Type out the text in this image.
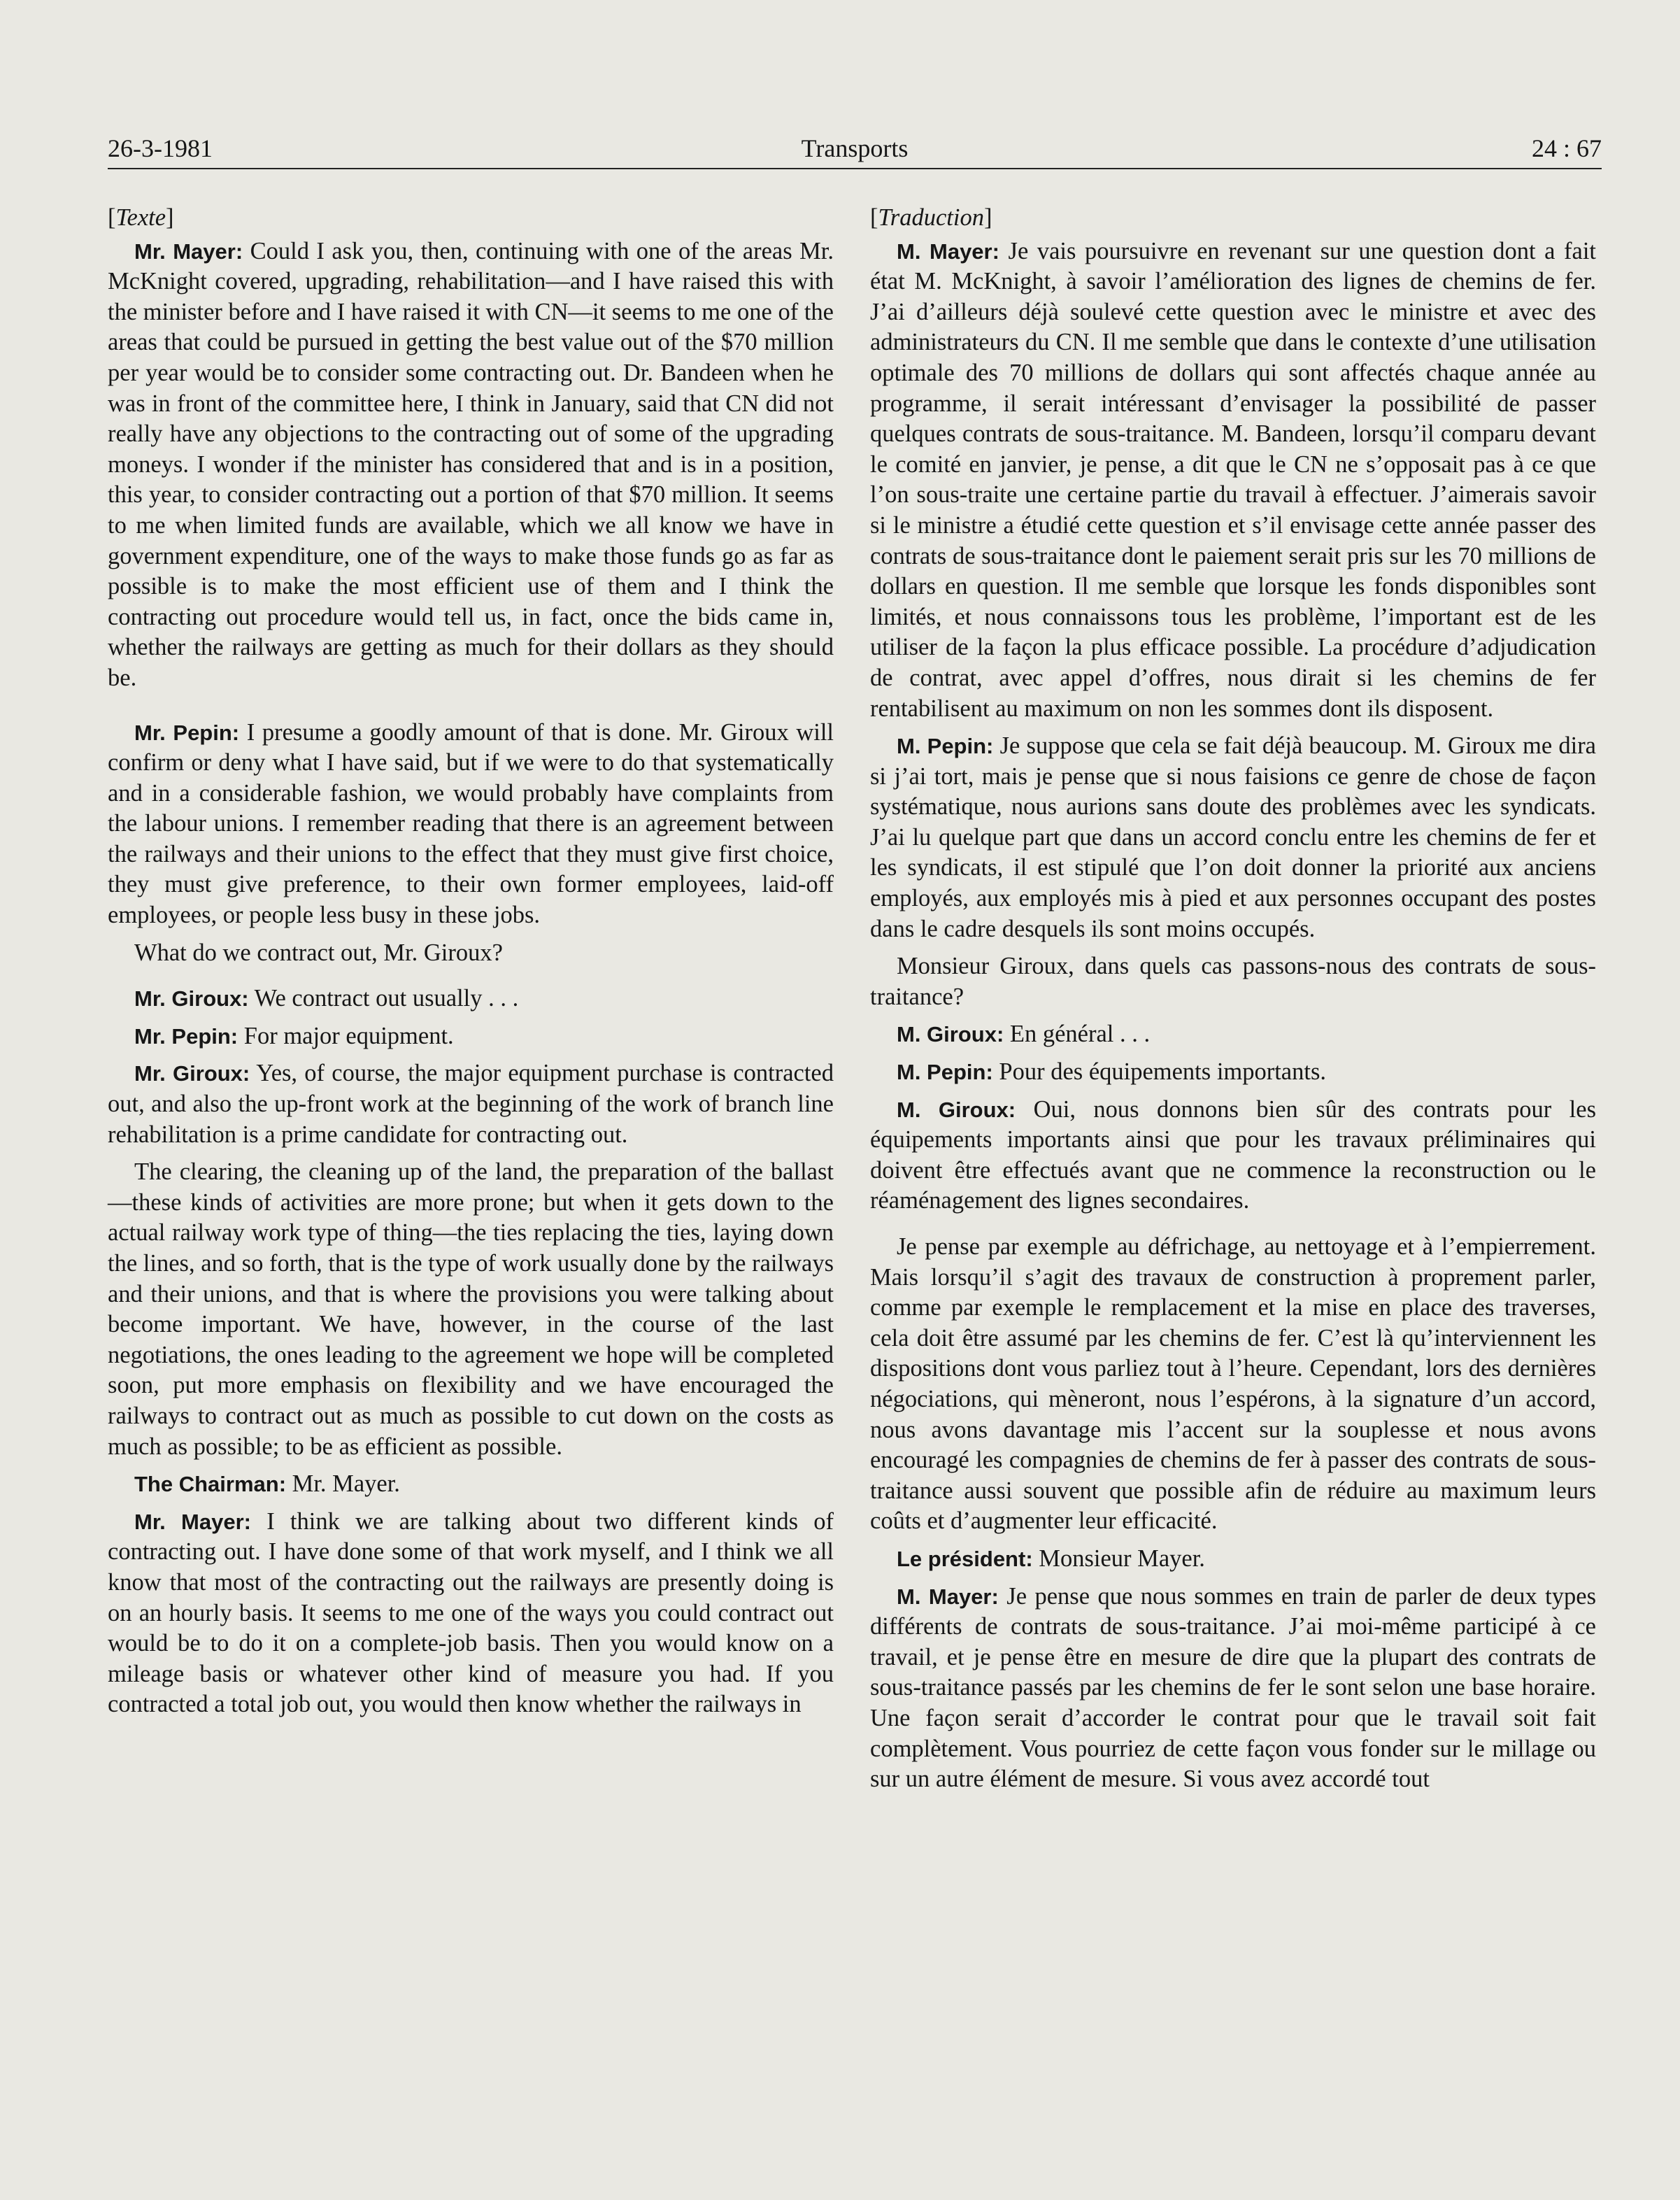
26-3-1981	Transports	24 : 67

[Texte]

Mr. Mayer: Could I ask you, then, continuing with one of the areas Mr. McKnight covered, upgrading, rehabilitation—and I have raised this with the minister before and I have raised it with CN—it seems to me one of the areas that could be pursued in getting the best value out of the $70 million per year would be to consider some contracting out. Dr. Bandeen when he was in front of the committee here, I think in January, said that CN did not really have any objections to the contracting out of some of the upgrading moneys. I wonder if the minister has considered that and is in a position, this year, to consider contracting out a portion of that $70 million. It seems to me when limited funds are available, which we all know we have in government expenditure, one of the ways to make those funds go as far as possible is to make the most efficient use of them and I think the contracting out procedure would tell us, in fact, once the bids came in, whether the railways are getting as much for their dollars as they should be.

Mr. Pepin: I presume a goodly amount of that is done. Mr. Giroux will confirm or deny what I have said, but if we were to do that systematically and in a considerable fashion, we would probably have complaints from the labour unions. I remember reading that there is an agreement between the railways and their unions to the effect that they must give first choice, they must give preference, to their own former employees, laid-off employees, or people less busy in these jobs.

What do we contract out, Mr. Giroux?

Mr. Giroux: We contract out usually . . .

Mr. Pepin: For major equipment.

Mr. Giroux: Yes, of course, the major equipment purchase is contracted out, and also the up-front work at the beginning of the work of branch line rehabilitation is a prime candidate for contracting out.

The clearing, the cleaning up of the land, the preparation of the ballast—these kinds of activities are more prone; but when it gets down to the actual railway work type of thing—the ties replacing the ties, laying down the lines, and so forth, that is the type of work usually done by the railways and their unions, and that is where the provisions you were talking about become important. We have, however, in the course of the last negotiations, the ones leading to the agreement we hope will be completed soon, put more emphasis on flexibility and we have encouraged the railways to contract out as much as possible to cut down on the costs as much as possible; to be as efficient as possible.

The Chairman: Mr. Mayer.

Mr. Mayer: I think we are talking about two different kinds of contracting out. I have done some of that work myself, and I think we all know that most of the contracting out the railways are presently doing is on an hourly basis. It seems to me one of the ways you could contract out would be to do it on a complete-job basis. Then you would know on a mileage basis or whatever other kind of measure you had. If you contracted a total job out, you would then know whether the railways in

[Traduction]

M. Mayer: Je vais poursuivre en revenant sur une question dont a fait état M. McKnight, à savoir l’amélioration des lignes de chemins de fer. J’ai d’ailleurs déjà soulevé cette question avec le ministre et avec des administrateurs du CN. Il me semble que dans le contexte d’une utilisation optimale des 70 millions de dollars qui sont affectés chaque année au programme, il serait intéressant d’envisager la possibilité de passer quelques contrats de sous-traitance. M. Bandeen, lorsqu’il comparu devant le comité en janvier, je pense, a dit que le CN ne s’opposait pas à ce que l’on sous-traite une certaine partie du travail à effectuer. J’aimerais savoir si le ministre a étudié cette question et s’il envisage cette année passer des contrats de sous-traitance dont le paiement serait pris sur les 70 millions de dollars en question. Il me semble que lorsque les fonds disponibles sont limités, et nous connaissons tous les problème, l’important est de les utiliser de la façon la plus efficace possible. La procédure d’adjudication de contrat, avec appel d’offres, nous dirait si les chemins de fer rentabilisent au maximum on non les sommes dont ils disposent.

M. Pepin: Je suppose que cela se fait déjà beaucoup. M. Giroux me dira si j’ai tort, mais je pense que si nous faisions ce genre de chose de façon systématique, nous aurions sans doute des problèmes avec les syndicats. J’ai lu quelque part que dans un accord conclu entre les chemins de fer et les syndicats, il est stipulé que l’on doit donner la priorité aux anciens employés, aux employés mis à pied et aux personnes occupant des postes dans le cadre desquels ils sont moins occupés.

Monsieur Giroux, dans quels cas passons-nous des contrats de sous-traitance?

M. Giroux: En général . . .

M. Pepin: Pour des équipements importants.

M. Giroux: Oui, nous donnons bien sûr des contrats pour les équipements importants ainsi que pour les travaux préliminaires qui doivent être effectués avant que ne commence la reconstruction ou le réaménagement des lignes secondaires.

Je pense par exemple au défrichage, au nettoyage et à l’empierrement. Mais lorsqu’il s’agit des travaux de construction à proprement parler, comme par exemple le remplacement et la mise en place des traverses, cela doit être assumé par les chemins de fer. C’est là qu’interviennent les dispositions dont vous parliez tout à l’heure. Cependant, lors des dernières négociations, qui mèneront, nous l’espérons, à la signature d’un accord, nous avons davantage mis l’accent sur la souplesse et nous avons encouragé les compagnies de chemins de fer à passer des contrats de sous-traitance aussi souvent que possible afin de réduire au maximum leurs coûts et d’augmenter leur efficacité.

Le président: Monsieur Mayer.

M. Mayer: Je pense que nous sommes en train de parler de deux types différents de contrats de sous-traitance. J’ai moi-même participé à ce travail, et je pense être en mesure de dire que la plupart des contrats de sous-traitance passés par les chemins de fer le sont selon une base horaire. Une façon serait d’accorder le contrat pour que le travail soit fait complètement. Vous pourriez de cette façon vous fonder sur le millage ou sur un autre élément de mesure. Si vous avez accordé tout
